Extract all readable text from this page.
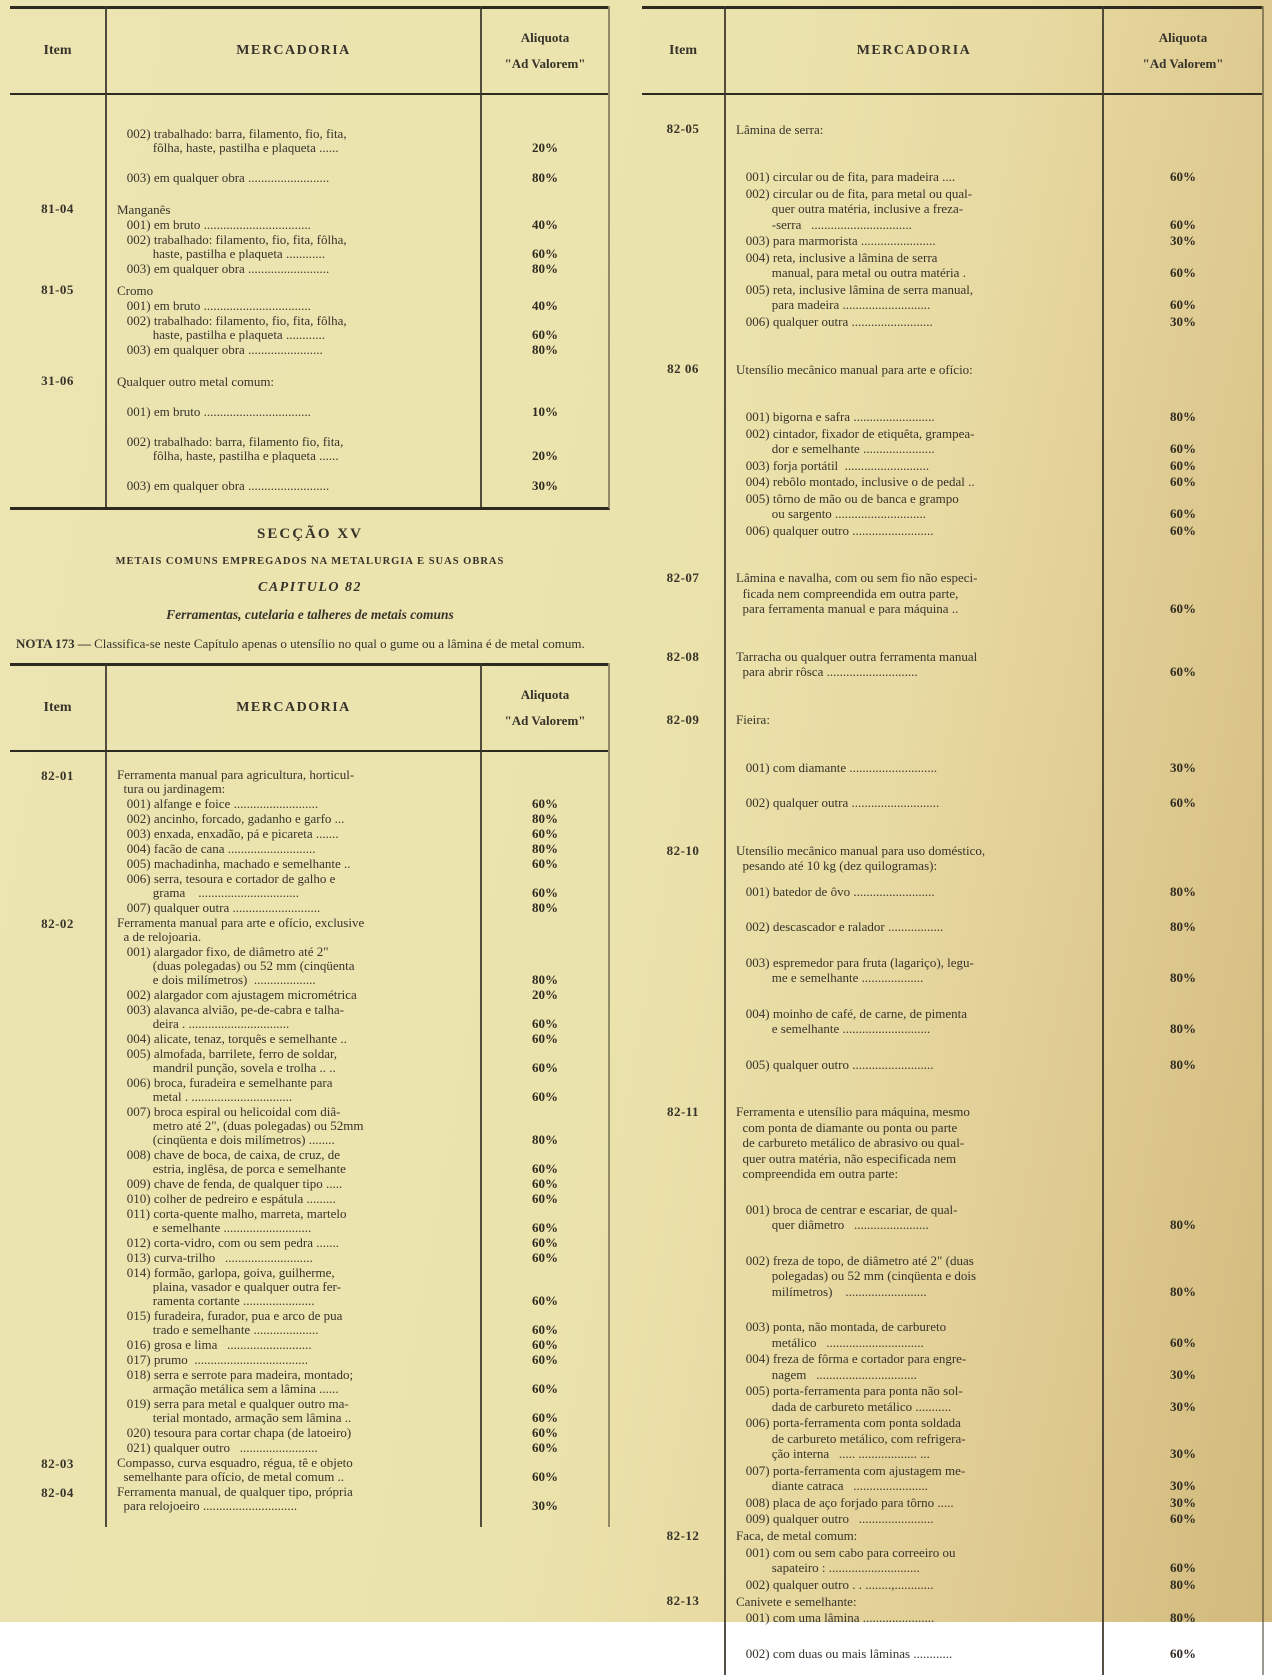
Item	MERCADORIA
Aliquota
"Ad Valorem"
002) trabalhado: barra, filamento, fio, fita,
fôlha, haste, pastilha e plaqueta ......	20%
003) em qualquer obra .........................	80%
81-04	Manganês
001) em bruto .................................	40%
002) trabalhado: filamento, fio, fita, fôlha,
haste, pastilha e plaqueta ............	60%
003) em qualquer obra .........................	80%
81-05	Cromo
001) em bruto .................................	40%
002) trabalhado: filamento, fio, fita, fôlha,
haste, pastilha e plaqueta ............	60%
003) em qualquer obra .......................	80%
31-06	Qualquer outro metal comum:
001) em bruto .................................	10%
002) trabalhado: barra, filamento fio, fita,
fôlha, haste, pastilha e plaqueta ......	20%
003) em qualquer obra .........................	30%
SECÇÃO XV
METAIS COMUNS EMPREGADOS NA METALURGIA E SUAS OBRAS
CAPITULO 82
Ferramentas, cutelaria e talheres de metais comuns
NOTA 173 — Classifica-se neste Capítulo apenas o utensílio no qual o gume ou a lâmina é de metal comum.
Item	MERCADORIA
Aliquota
"Ad Valorem"
82-01	Ferramenta manual para agricultura, horticul-
tura ou jardinagem:
001) alfange e foice ..........................	60%
002) ancinho, forcado, gadanho e garfo ...	80%
003) enxada, enxadão, pá e picareta .......	60%
004) facão de cana ...........................	80%
005) machadinha, machado e semelhante ..	60%
006) serra, tesoura e cortador de galho e
grama    ...............................	60%
007) qualquer outra ...........................	80%
82-02	Ferramenta manual para arte e ofício, exclusive
a de relojoaria.
001) alargador fixo, de diâmetro até 2"
(duas polegadas) ou 52 mm (cinqüenta
e dois milímetros)  ...................	80%
002) alargador com ajustagem micrométrica	20%
003) alavanca alvião, pe-de-cabra e talha-
deira . ...............................	60%
004) alicate, tenaz, torquês e semelhante ..	60%
005) almofada, barrilete, ferro de soldar,
mandril punção, sovela e trolha .. ..	60%
006) broca, furadeira e semelhante para
metal . ...............................	60%
007) broca espiral ou helicoidal com diâ-
metro até 2", (duas polegadas) ou 52mm
(cinqüenta e dois milímetros) ........	80%
008) chave de boca, de caixa, de cruz, de
estria, inglêsa, de porca e semelhante	60%
009) chave de fenda, de qualquer tipo .....	60%
010) colher de pedreiro e espátula .........	60%
011) corta-quente malho, marreta, martelo
e semelhante ...........................	60%
012) corta-vidro, com ou sem pedra .......	60%
013) curva-trilho   ...........................	60%
014) formão, garlopa, goiva, guilherme,
plaina, vasador e qualquer outra fer-
ramenta cortante ......................	60%
015) furadeira, furador, pua e arco de pua
trado e semelhante ....................	60%
016) grosa e lima   ..........................	60%
017) prumo  ...................................	60%
018) serra e serrote para madeira, montado;
armação metálica sem a lâmina ......	60%
019) serra para metal e qualquer outro ma-
terial montado, armação sem lâmina ..	60%
020) tesoura para cortar chapa (de latoeiro)	60%
021) qualquer outro   ........................	60%
82-03	Compasso, curva esquadro, régua, tê e objeto
semelhante para ofício, de metal comum ..	60%
82-04	Ferramenta manual, de qualquer tipo, própria
para relojoeiro .............................	30%
Item	MERCADORIA
Aliquota
"Ad Valorem"
82-05	Lâmina de serra:
001) circular ou de fita, para madeira ....	60%
002) circular ou de fita, para metal ou qual-
quer outra matéria, inclusive a freza-
-serra   ...............................	60%
003) para marmorista .......................	30%
004) reta, inclusive a lâmina de serra
manual, para metal ou outra matéria .	60%
005) reta, inclusive lâmina de serra manual,
para madeira ...........................	60%
006) qualquer outra .........................	30%
82 06	Utensílio mecânico manual para arte e ofício:
001) bigorna e safra .........................	80%
002) cintador, fixador de etiquêta, grampea-
dor e semelhante ......................	60%
003) forja portátil  ..........................	60%
004) rebôlo montado, inclusive o de pedal ..	60%
005) tôrno de mão ou de banca e grampo
ou sargento ............................	60%
006) qualquer outro .........................	60%
82-07	Lâmina e navalha, com ou sem fio não especi-
ficada nem compreendida em outra parte,
para ferramenta manual e para máquina ..	60%
82-08	Tarracha ou qualquer outra ferramenta manual
para abrir rôsca ............................	60%
82-09	Fieira:
001) com diamante ...........................	30%
002) qualquer outra ...........................	60%
82-10	Utensílio mecânico manual para uso doméstico,
pesando até 10 kg (dez quilogramas):
001) batedor de ôvo .........................	80%
002) descascador e ralador .................	80%
003) espremedor para fruta (lagariço), legu-
me e semelhante ...................	80%
004) moinho de café, de carne, de pimenta
e semelhante ...........................	80%
005) qualquer outro .........................	80%
82-11	Ferramenta e utensílio para máquina, mesmo
com ponta de diamante ou ponta ou parte
de carbureto metálico de abrasivo ou qual-
quer outra matéria, não especificada nem
compreendida em outra parte:
001) broca de centrar e escariar, de qual-
quer diâmetro   .......................	80%
002) freza de topo, de diâmetro até 2" (duas
polegadas) ou 52 mm (cinqüenta e dois
milímetros)    .........................	80%
003) ponta, não montada, de carbureto
metálico   ..............................	60%
004) freza de fôrma e cortador para engre-
nagem   ...............................	30%
005) porta-ferramenta para ponta não sol-
dada de carbureto metálico ...........	30%
006) porta-ferramenta com ponta soldada
de carbureto metálico, com refrigera-
ção interna   ..... .................. ...	30%
007) porta-ferramenta com ajustagem me-
diante catraca   .......................	30%
008) placa de aço forjado para tôrno .....	30%
009) qualquer outro   .......................	60%
82-12	Faca, de metal comum:
001) com ou sem cabo para correeiro ou
sapateiro : ............................	60%
002) qualquer outro . . ........,............	80%
82-13	Canivete e semelhante:
001) com uma lâmina ......................	80%
002) com duas ou mais lâminas ............	60%
